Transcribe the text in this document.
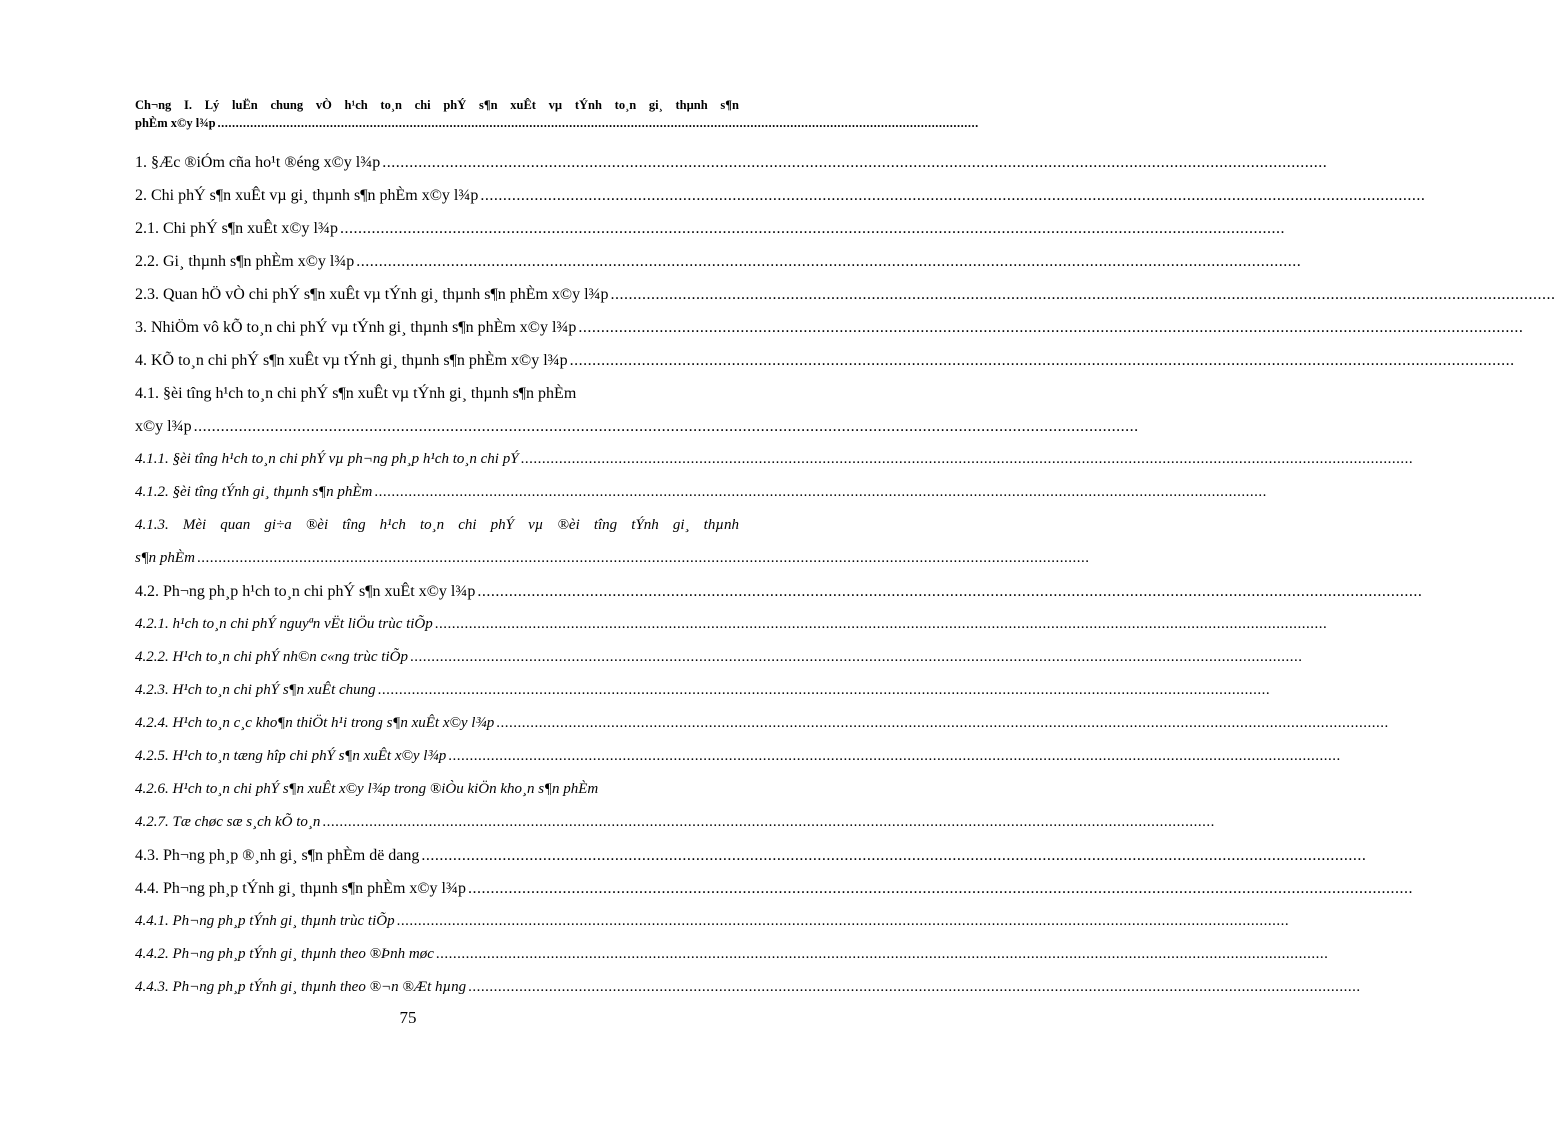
Ch¬ng I. Lý luËn chung vÒ h¹ch to¸n chi phÝ s¶n xuÊt vµ tÝnh to¸n gi¸ thµnh s¶n
phÈm x©y l¾p ..................................................................................................................................................................................................................
1. §Æc ®iÓm cña ho¹t ®éng x©y l¾p ..................................................................................................................................................................................................................
2. Chi phÝ s¶n xuÊt vµ gi¸ thµnh s¶n phÈm x©y l¾p ..................................................................................................................................................................................................................
2.1. Chi phÝ s¶n xuÊt x©y l¾p ..................................................................................................................................................................................................................
2.2. Gi¸ thµnh s¶n phÈm x©y l¾p ..................................................................................................................................................................................................................
2.3. Quan hÖ vÒ chi phÝ s¶n xuÊt vµ tÝnh gi¸ thµnh s¶n phÈm x©y l¾p ..................................................................................................................................................................................................................
3. NhiÖm vô kÕ to¸n chi phÝ vµ tÝnh gi¸ thµnh s¶n phÈm x©y l¾p ..................................................................................................................................................................................................................
4. KÕ to¸n chi phÝ s¶n xuÊt vµ tÝnh gi¸ thµnh s¶n phÈm x©y l¾p ..................................................................................................................................................................................................................
4.1. §èi tîng h¹ch to¸n chi phÝ s¶n xuÊt vµ tÝnh gi¸ thµnh s¶n phÈm
x©y l¾p ..................................................................................................................................................................................................................
4.1.1. §èi tîng h¹ch to¸n chi phÝ vµ ph¬ng ph¸p h¹ch to¸n chi pÝ ..................................................................................................................................................................................................................
4.1.2. §èi tîng tÝnh gi¸ thµnh s¶n phÈm ..................................................................................................................................................................................................................
4.1.3. Mèi quan gi÷a ®èi tîng h¹ch to¸n chi phÝ vµ ®èi tîng tÝnh gi¸ thµnh
s¶n phÈm ..................................................................................................................................................................................................................
4.2. Ph¬ng ph¸p h¹ch to¸n chi phÝ s¶n xuÊt x©y l¾p ..................................................................................................................................................................................................................
4.2.1. h¹ch to¸n chi phÝ nguyªn vËt liÖu trùc tiÕp ..................................................................................................................................................................................................................
4.2.2. H¹ch to¸n chi phÝ nh©n c«ng trùc tiÕp ..................................................................................................................................................................................................................
4.2.3. H¹ch to¸n chi phÝ s¶n xuÊt chung ..................................................................................................................................................................................................................
4.2.4. H¹ch to¸n c¸c kho¶n thiÖt h¹i trong s¶n xuÊt x©y l¾p ..................................................................................................................................................................................................................
4.2.5. H¹ch to¸n tæng hîp chi phÝ s¶n xuÊt x©y l¾p ..................................................................................................................................................................................................................
4.2.6. H¹ch to¸n chi phÝ s¶n xuÊt x©y l¾p trong ®iÒu kiÖn kho¸n s¶n phÈm
4.2.7. Tæ chøc sæ s¸ch kÕ to¸n ..................................................................................................................................................................................................................
4.3. Ph¬ng ph¸p ®¸nh gi¸ s¶n phÈm dë dang ..................................................................................................................................................................................................................
4.4. Ph¬ng ph¸p tÝnh gi¸ thµnh s¶n phÈm x©y l¾p ..................................................................................................................................................................................................................
4.4.1. Ph¬ng ph¸p tÝnh gi¸ thµnh trùc tiÕp ..................................................................................................................................................................................................................
4.4.2. Ph¬ng ph¸p tÝnh gi¸ thµnh theo ®Þnh møc ..................................................................................................................................................................................................................
4.4.3. Ph¬ng ph¸p tÝnh gi¸ thµnh theo ®¬n ®Æt hµng ..................................................................................................................................................................................................................
75
